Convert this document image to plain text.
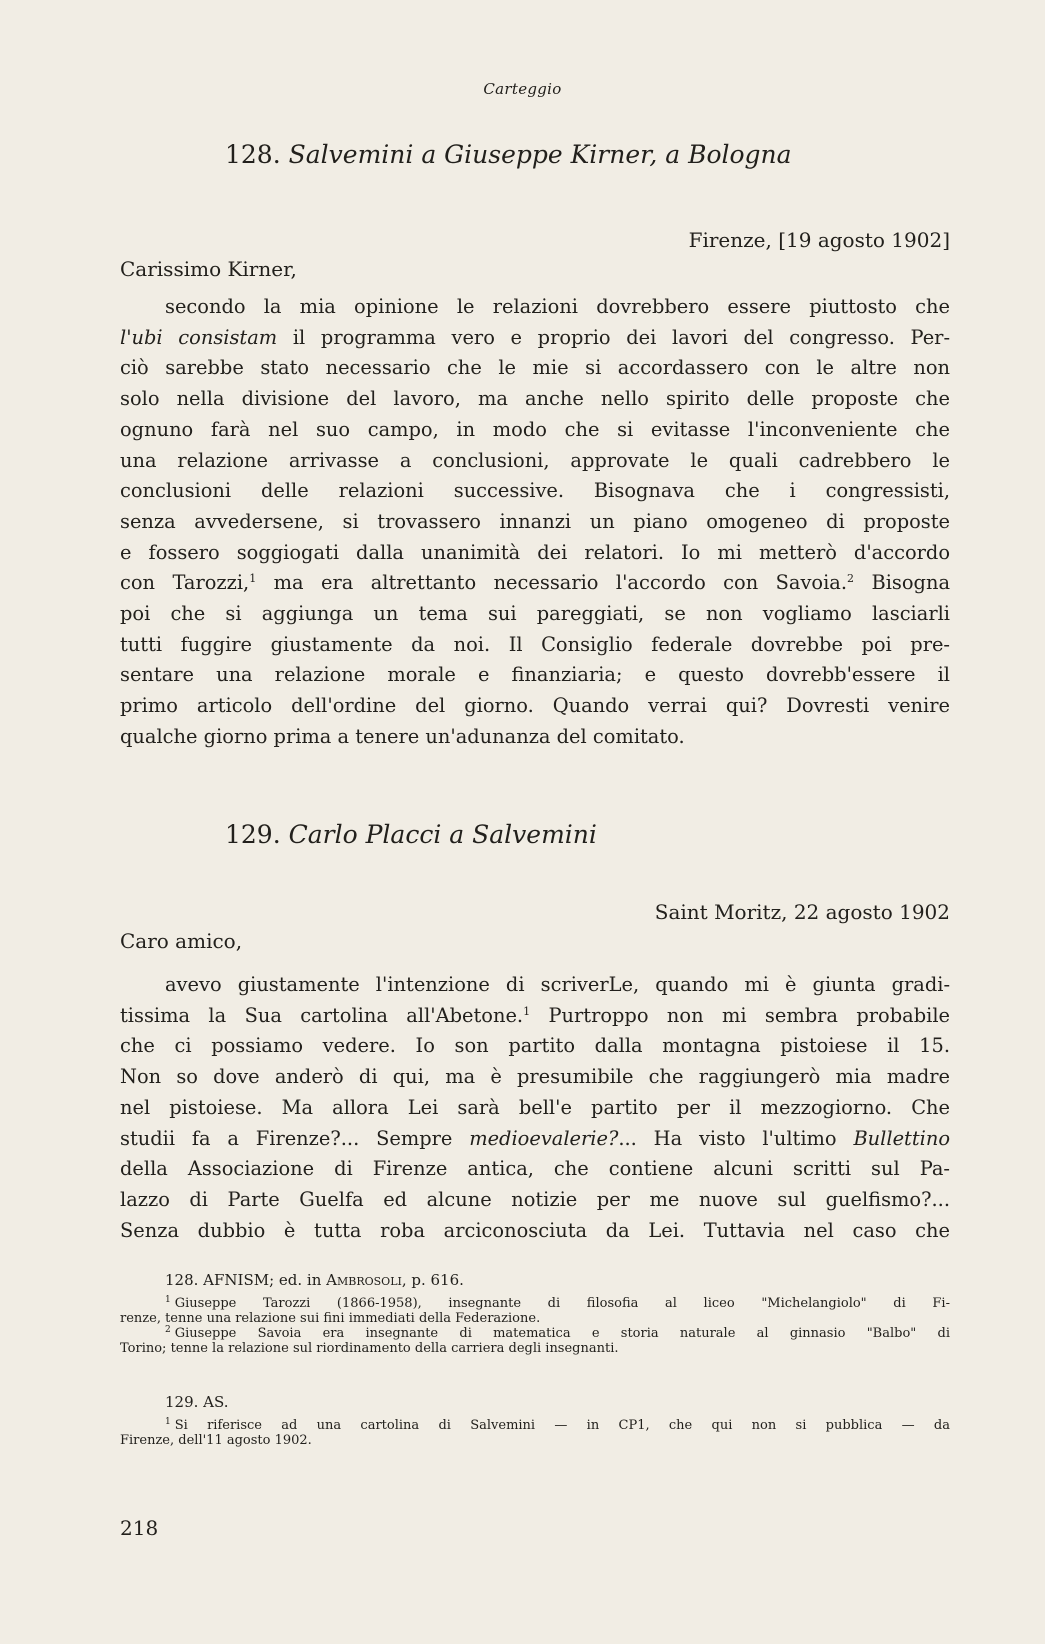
Carteggio
128. Salvemini a Giuseppe Kirner, a Bologna
Firenze, [19 agosto 1902]
Carissimo Kirner,
secondo la mia opinione le relazioni dovrebbero essere piuttosto che
l'ubi consistam il programma vero e proprio dei lavori del congresso. Per-
ciò sarebbe stato necessario che le mie si accordassero con le altre non
solo nella divisione del lavoro, ma anche nello spirito delle proposte che
ognuno farà nel suo campo, in modo che si evitasse l'inconveniente che
una relazione arrivasse a conclusioni, approvate le quali cadrebbero le
conclusioni delle relazioni successive. Bisognava che i congressisti,
senza avvedersene, si trovassero innanzi un piano omogeneo di proposte
e fossero soggiogati dalla unanimità dei relatori. Io mi metterò d'accordo
con Tarozzi,$^1$ ma era altrettanto necessario l'accordo con Savoia.$^2$ Bisogna
poi che si aggiunga un tema sui pareggiati, se non vogliamo lasciarli
tutti fuggire giustamente da noi. Il Consiglio federale dovrebbe poi pre-
sentare una relazione morale e finanziaria; e questo dovrebb'essere il
primo articolo dell'ordine del giorno. Quando verrai qui? Dovresti venire
qualche giorno prima a tenere un'adunanza del comitato.
129. Carlo Placci a Salvemini
Saint Moritz, 22 agosto 1902
Caro amico,
avevo giustamente l'intenzione di scriverLe, quando mi è giunta gradi-
tissima la Sua cartolina all'Abetone.$^1$ Purtroppo non mi sembra probabile
che ci possiamo vedere. Io son partito dalla montagna pistoiese il 15.
Non so dove anderò di qui, ma è presumibile che raggiungerò mia madre
nel pistoiese. Ma allora Lei sarà bell'e partito per il mezzogiorno. Che
studii fa a Firenze?... Sempre medioevalerie?... Ha visto l'ultimo Bullettino
della Associazione di Firenze antica, che contiene alcuni scritti sul Pa-
lazzo di Parte Guelfa ed alcune notizie per me nuove sul guelfismo?...
Senza dubbio è tutta roba arciconosciuta da Lei. Tuttavia nel caso che
128. AFNISM; ed. in Ambrosoli, p. 616.
$^1$ Giuseppe Tarozzi (1866-1958), insegnante di filosofia al liceo "Michelangiolo" di Fi-
renze, tenne una relazione sui fini immediati della Federazione.
$^2$ Giuseppe Savoia era insegnante di matematica e storia naturale al ginnasio "Balbo" di
Torino; tenne la relazione sul riordinamento della carriera degli insegnanti.
129. AS.
$^1$ Si riferisce ad una cartolina di Salvemini — in CP1, che qui non si pubblica — da
Firenze, dell'11 agosto 1902.
218
